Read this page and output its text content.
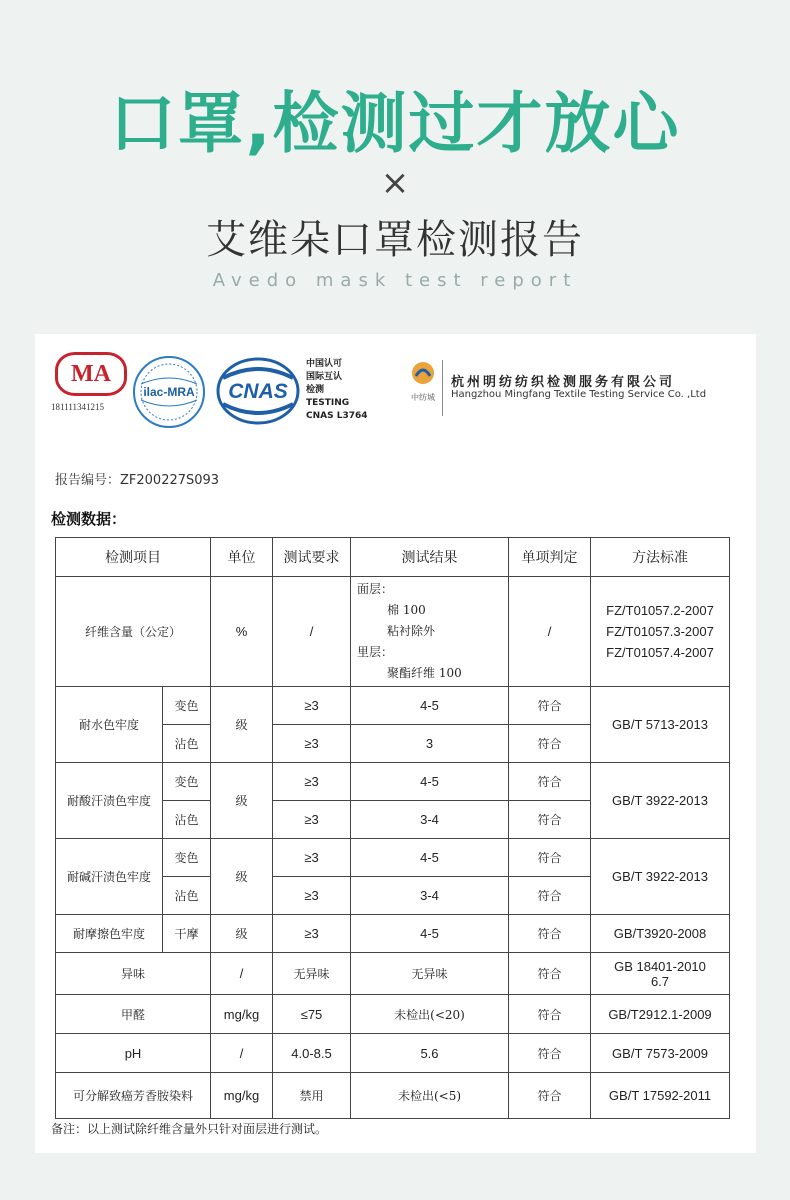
口罩,检测过才放心
×
艾维朵口罩检测报告
Avedo mask test report
MA
181111341215
ilac-MRA CNAS
中国认可
国际互认
检测
TESTING
CNAS L3764
中纺城
杭州明纺纺织检测服务有限公司
Hangzhou Mingfang Textile Testing Service Co. ,Ltd
报告编号：ZF200227S093
检测数据：
检测项目		单位	测试要求	测试结果	单项判定	方法标准
纤维含量（公定）		%	/	面层：
棉 100
粘衬除外
里层：
聚酯纤维 100	/	FZ/T01057.2-2007
FZ/T01057.3-2007
FZ/T01057.4-2007

耐水色牢度	变色	级	≥3	4-5	符合	GB/T 5713-2013
	沾色		≥3	3	符合	
耐酸汗渍色牢度	变色	级	≥3	4-5	符合	GB/T 3922-2013
	沾色		≥3	3-4	符合	
耐碱汗渍色牢度	变色	级	≥3	4-5	符合	GB/T 3922-2013
	沾色		≥3	3-4	符合	
耐摩擦色牢度	干摩	级	≥3	4-5	符合	GB/T3920-2008
异味		/	无异味	无异味	符合	GB 18401-2010 6.7
甲醛		mg/kg	≤75	未检出(<20)	符合	GB/T2912.1-2009
pH		/	4.0-8.5	5.6	符合	GB/T 7573-2009
可分解致癌芳香胺染料		mg/kg	禁用	未检出(<5)	符合	GB/T 17592-2011
备注：以上测试除纤维含量外只针对面层进行测试。
